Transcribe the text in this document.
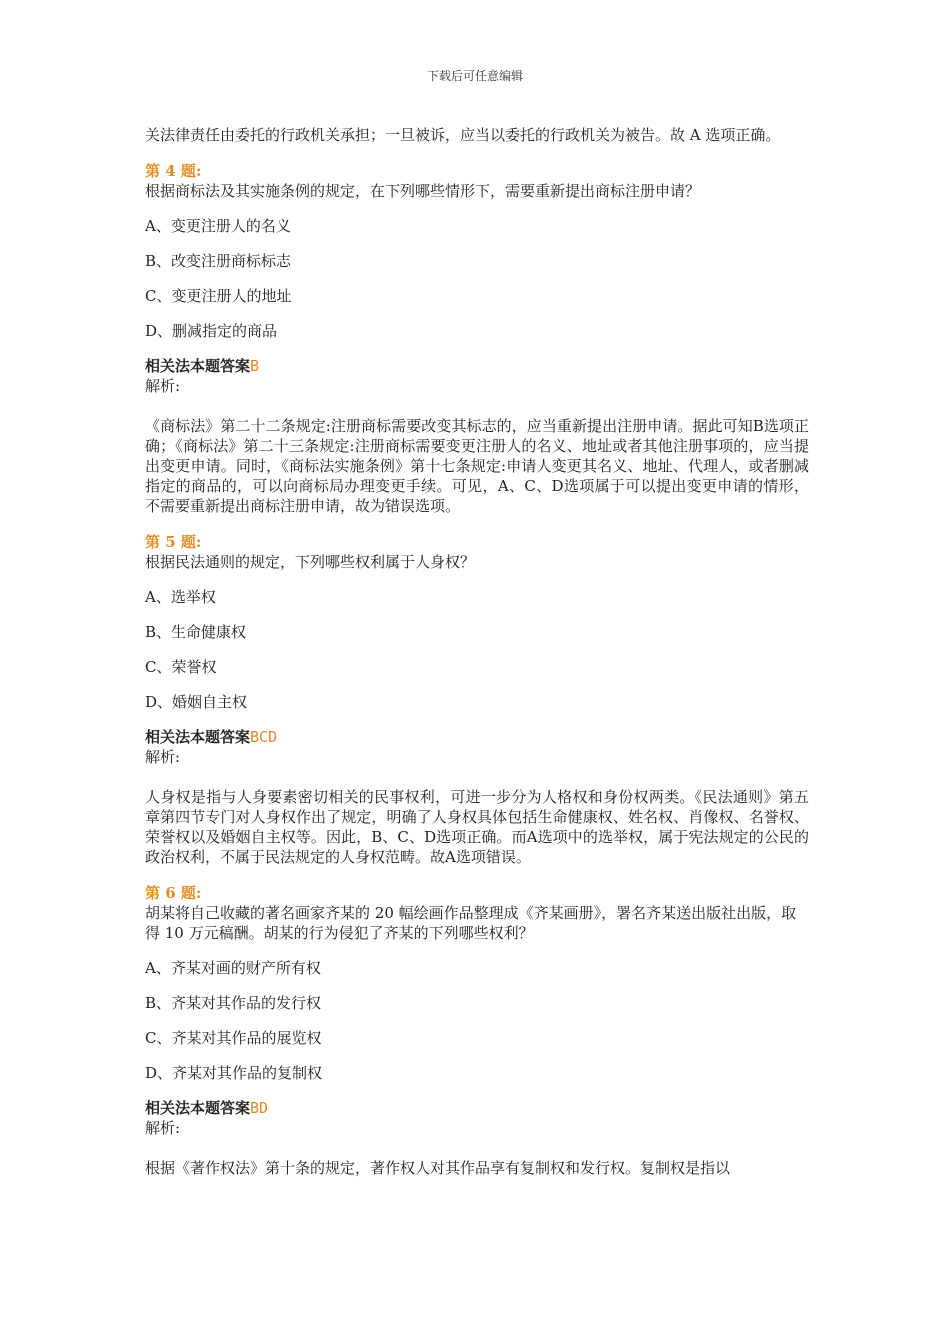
下载后可任意编辑

关法律责任由委托的行政机关承担；一旦被诉，应当以委托的行政机关为被告。故 A 选项正确。

第 4 题:

根据商标法及其实施条例的规定，在下列哪些情形下，需要重新提出商标注册申请？

A、变更注册人的名义

B、改变注册商标标志

C、变更注册人的地址

D、删减指定的商品

相关法本题答案B

解析:

《商标法》第二十二条规定:注册商标需要改变其标志的，应当重新提出注册申请。据此可知B选项正确；《商标法》第二十三条规定:注册商标需要变更注册人的名义、地址或者其他注册事项的，应当提出变更申请。同时，《商标法实施条例》第十七条规定:申请人变更其名义、地址、代理人，或者删减指定的商品的，可以向商标局办理变更手续。可见，A、C、D选项属于可以提出变更申请的情形，不需要重新提出商标注册申请，故为错误选项。

第 5 题:

根据民法通则的规定，下列哪些权利属于人身权？

A、选举权

B、生命健康权

C、荣誉权

D、婚姻自主权

相关法本题答案BCD

解析:

人身权是指与人身要素密切相关的民事权利，可进一步分为人格权和身份权两类。《民法通则》第五章第四节专门对人身权作出了规定，明确了人身权具体包括生命健康权、姓名权、肖像权、名誉权、荣誉权以及婚姻自主权等。因此，B、C、D选项正确。而A选项中的选举权，属于宪法规定的公民的政治权利，不属于民法规定的人身权范畴。故A选项错误。

第 6 题:

胡某将自己收藏的著名画家齐某的 20 幅绘画作品整理成《齐某画册》，署名齐某送出版社出版，取得 10 万元稿酬。胡某的行为侵犯了齐某的下列哪些权利？

A、齐某对画的财产所有权

B、齐某对其作品的发行权

C、齐某对其作品的展览权

D、齐某对其作品的复制权

相关法本题答案BD

解析:

根据《著作权法》第十条的规定，著作权人对其作品享有复制权和发行权。复制权是指以
